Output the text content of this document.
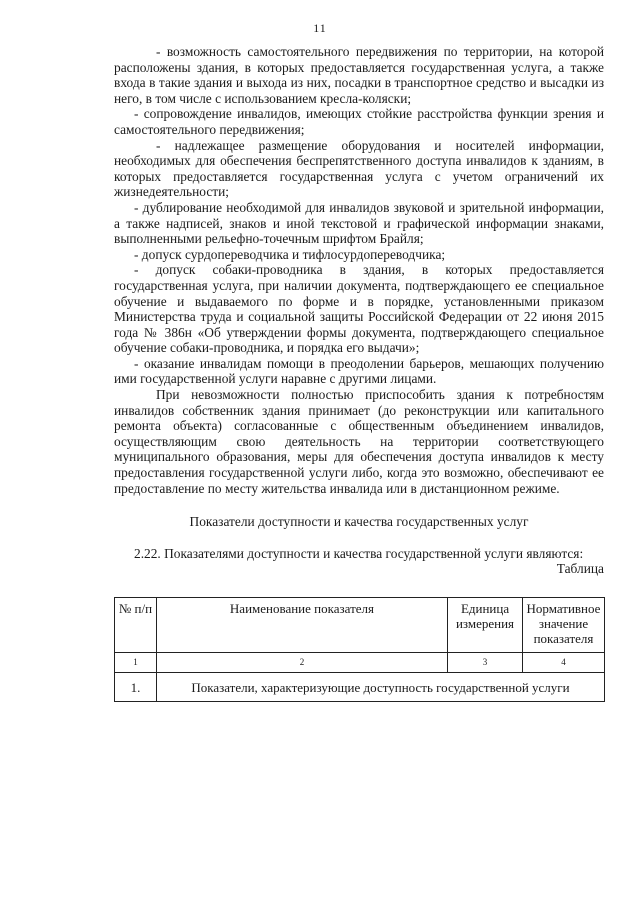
11

- возможность самостоятельного передвижения по территории, на которой расположены здания, в которых предоставляется государственная услуга, а также входа в такие здания и выхода из них, посадки в транспортное средство и высадки из него, в том числе с использованием кресла-коляски;

- сопровождение инвалидов, имеющих стойкие расстройства функции зрения и самостоятельного передвижения;

- надлежащее размещение оборудования и носителей информации, необходимых для обеспечения беспрепятственного доступа инвалидов к зданиям, в которых предоставляется государственная услуга с учетом ограничений их жизнедеятельности;

- дублирование необходимой для инвалидов звуковой и зрительной информации, а также надписей, знаков и иной текстовой и графической информации знаками, выполненными рельефно-точечным шрифтом Брайля;

- допуск сурдопереводчика и тифлосурдопереводчика;

- допуск собаки-проводника в здания, в которых предоставляется государственная услуга, при наличии документа, подтверждающего ее специальное обучение и выдаваемого по форме и в порядке, установленными приказом Министерства труда и социальной защиты Российской Федерации от 22 июня 2015 года № 386н «Об утверждении формы документа, подтверждающего специальное обучение собаки-проводника, и порядка его выдачи»;

- оказание инвалидам помощи в преодолении барьеров, мешающих получению ими государственной услуги наравне с другими лицами.

При невозможности полностью приспособить здания к потребностям инвалидов собственник здания принимает (до реконструкции или капитального ремонта объекта) согласованные с общественным объединением инвалидов, осуществляющим свою деятельность на территории соответствующего муниципального образования, меры для обеспечения доступа инвалидов к месту предоставления государственной услуги либо, когда это возможно, обеспечивают ее предоставление по месту жительства инвалида или в дистанционном режиме.

Показатели доступности и качества государственных услуг

2.22. Показателями доступности и качества государственной услуги являются:

Таблица

№ п/п	Наименование показателя	Единица измерения	Нормативное значение показателя
1	2	3	4
1.	Показатели, характеризующие доступность государственной услуги		
